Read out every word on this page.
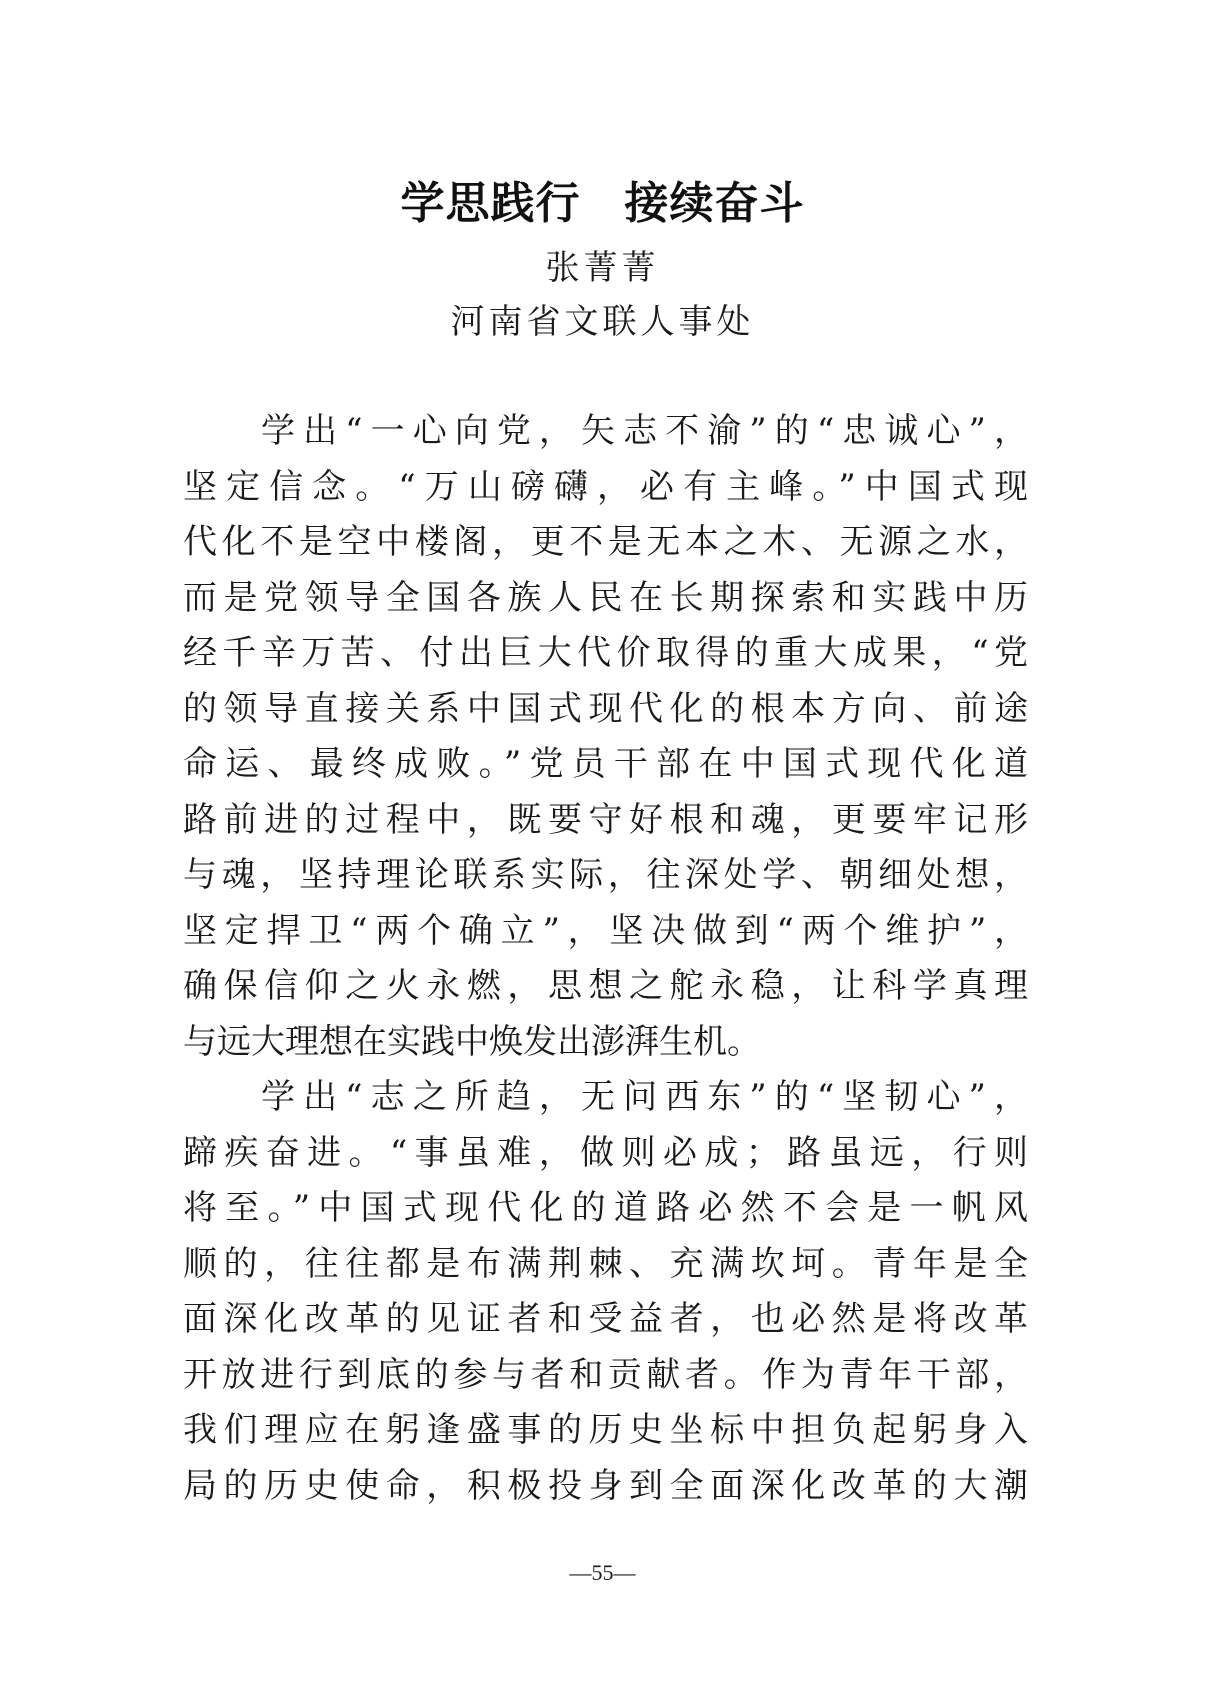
学思践行 接续奋斗
张菁菁
河南省文联人事处
学出“一心向党，矢志不渝”的“忠诚心”，
坚定信念。“万山磅礴，必有主峰。”中国式现
代化不是空中楼阁，更不是无本之木、无源之水，
而是党领导全国各族人民在长期探索和实践中历
经千辛万苦、付出巨大代价取得的重大成果，“党
的领导直接关系中国式现代化的根本方向、前途
命运、最终成败。”党员干部在中国式现代化道
路前进的过程中，既要守好根和魂，更要牢记形
与魂，坚持理论联系实际，往深处学、朝细处想，
坚定捍卫“两个确立”，坚决做到“两个维护”，
确保信仰之火永燃，思想之舵永稳，让科学真理
与远大理想在实践中焕发出澎湃生机。
学出“志之所趋，无问西东”的“坚韧心”，
蹄疾奋进。“事虽难，做则必成；路虽远，行则
将至。”中国式现代化的道路必然不会是一帆风
顺的，往往都是布满荆棘、充满坎坷。青年是全
面深化改革的见证者和受益者，也必然是将改革
开放进行到底的参与者和贡献者。作为青年干部，
我们理应在躬逢盛事的历史坐标中担负起躬身入
局的历史使命，积极投身到全面深化改革的大潮
—55—
